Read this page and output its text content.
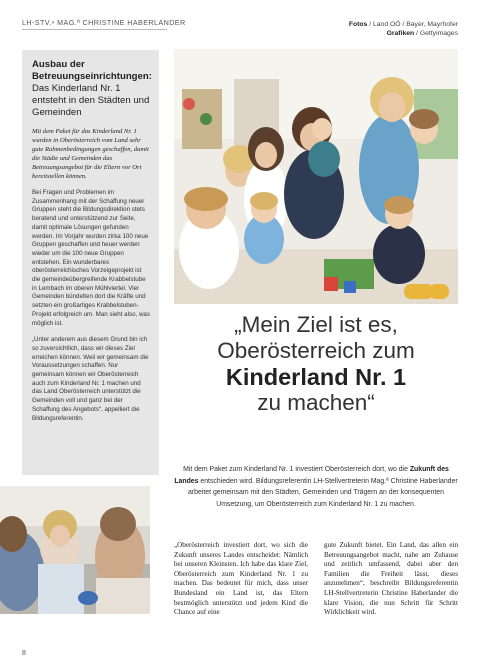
LH-STV.ⁿ MAG.ª CHRISTINE HABERLANDER	Fotos / Land OÖ / Bayer, Mayrhofer
Grafiken / Gettyimages

Ausbau der Betreuungseinrichtungen: Das Kinderland Nr. 1 entsteht in den Städten und Gemeinden

Mit dem Paket für das Kinderland Nr. 1 wurden in Oberösterreich vom Land sehr gute Rahmenbedingungen geschaffen, damit die Städte und Gemeinden das Betreuungsangebot für die Eltern vor Ort bereitstellen können.

Bei Fragen und Problemen im Zusammenhang mit der Schaffung neuer Gruppen steht die Bildungsdirektion stets beratend und unterstützend zur Seite, damit optimale Lösungen gefunden werden. Im Vorjahr wurden zirka 100 neue Gruppen geschaffen und heuer werden wieder um die 100 neue Gruppen entstehen. Ein wunderbares oberösterreichisches Vorzeigeprojekt ist die gemeindeübergreifende Krabbelstube in Lembach im oberen Mühlviertel. Vier Gemeinden bündelten dort die Kräfte und setzten ein großartiges Krabbelstuben-Projekt erfolgreich um. Man sieht also, was möglich ist.

„Unter anderem aus diesem Grund bin ich so zuversichtlich, dass wir dieses Ziel erreichen können. Weil wir gemeinsam die Voraussetzungen schaffen. Nur gemeinsam können wir Oberösterreich auch zum Kinderland Nr. 1 machen und das Land Oberösterreich unterstützt die Gemeinden voll und ganz bei der Schaffung des Angebots“, appelliert die Bildungsreferentin.

„Mein Ziel ist es,
Oberösterreich zum
Kinderland Nr. 1
zu machen“
Mit dem Paket zum Kinderland Nr. 1 investiert Oberösterreich dort, wo die Zukunft des Landes entschieden wird. Bildungsreferentin LH-Stellvertreterin Mag.ª Christine Haberlander arbeitet gemeinsam mit den Städten, Gemeinden und Trägern an der konsequenten Umsetzung, um Oberösterreich zum Kinderland Nr. 1 zu machen.
„Oberösterreich investiert dort, wo sich die Zukunft unseres Landes entscheidet: Nämlich bei unseren Kleinsten. Ich habe das klare Ziel, Oberösterreich zum Kinderland Nr. 1 zu machen. Das bedeutet für mich, dass unser Bundesland ein Land ist, das Eltern bestmöglich unterstützt und jedem Kind die Chance auf eine
gute Zukunft bietet. Ein Land, das allen ein Betreuungsangebot macht, nahe am Zuhause und zeitlich umfassend, dabei aber den Familien die Freiheit lässt, dieses anzunehmen“, beschreibt Bildungsreferentin LH-Stellvertreterin Christine Haberlander die klare Vision, die nun Schritt für Schritt Wirklichkeit wird.
8
